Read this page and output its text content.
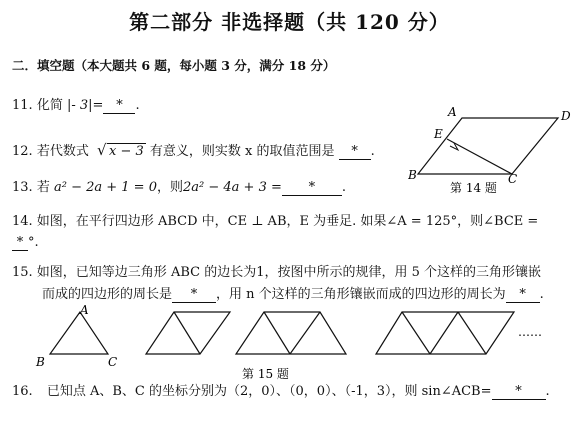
第二部分 非选择题（共 120 分）
二．填空题（本大题共 6 题，每小题 3 分，满分 18 分）
11. 化简 |- 3|= * .
12. 若代数式 √ x − 3 有意义，则实数 x 的取值范围是 * .
13. 若 a² − 2a + 1 = 0，则2a² − 4a + 3 = * .
A	D
E
B	C
第 14 题
14. 如图，在平行四边形 ABCD 中，CE ⊥ AB，E 为垂足. 如果∠A = 125°，则∠BCE =
* °.
15. 如图，已知等边三角形 ABC 的边长为1，按图中所示的规律，用 5 个这样的三角形镶嵌
而成的四边形的周长是 * ，用 n 个这样的三角形镶嵌而成的四边形的周长为 * .
A
B	C
……
第 15 题
16. 已知点 A、B、C 的坐标分别为（2，0）、（0，0）、（-1，3），则 sin∠ACB= * .
